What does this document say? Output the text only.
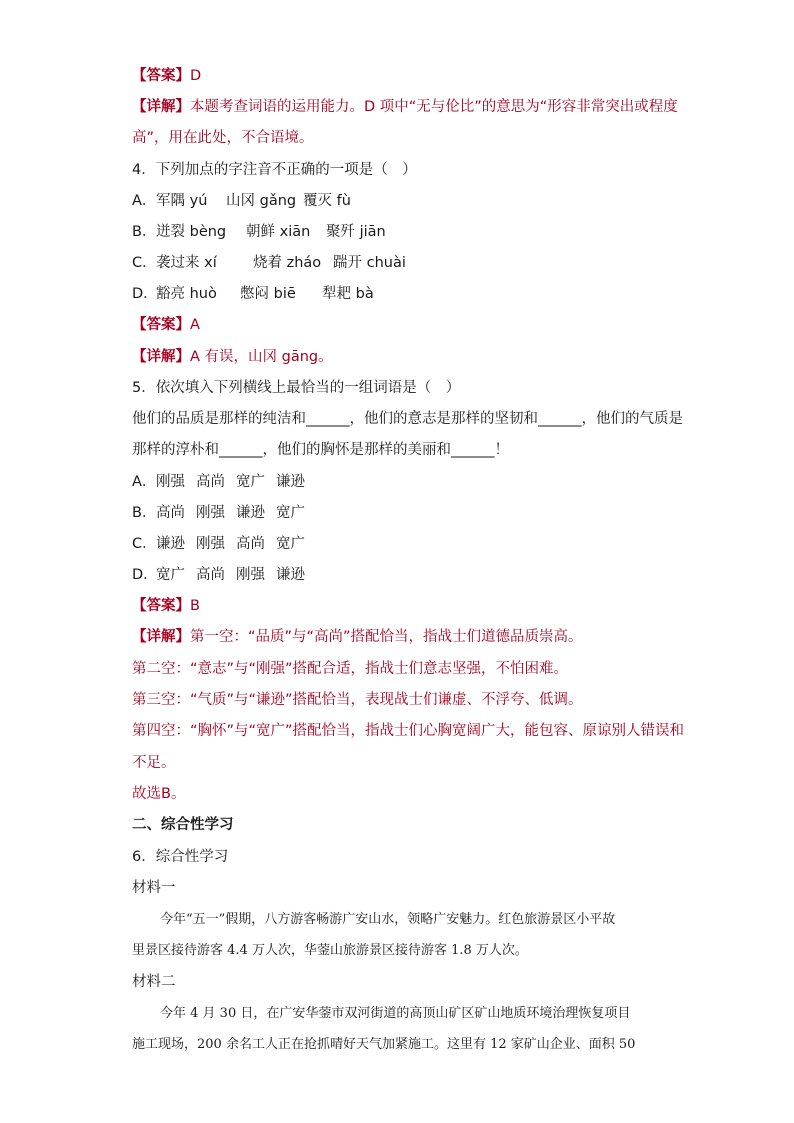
【答案】D
【详解】本题考查词语的运用能力。D 项中“无与伦比”的意思为“形容非常突出或程度
高”，用在此处，不合语境。
4．下列加点的字注音不正确的一项是（　）
A．军隅 yú 山冈 gǎng 覆灭 fù
B．迸裂 bèng 朝鲜 xiān 聚歼 jiān
C．袭过来 xí	烧着 zháo 踹开 chuài
D．豁亮 huò 憋闷 biē 犁耙 bà
【答案】A
【详解】A 有误，山冈 gāng。
5．依次填入下列横线上最恰当的一组词语是（　）
他们的品质是那样的纯洁和______，他们的意志是那样的坚韧和______，他们的气质是
那样的淳朴和______，他们的胸怀是那样的美丽和______！
A．刚强 高尚 宽广 谦逊
B．高尚 刚强 谦逊 宽广
C．谦逊 刚强 高尚 宽广
D．宽广 高尚 刚强 谦逊
【答案】B
【详解】第一空：“品质”与“高尚”搭配恰当，指战士们道德品质崇高。
第二空：“意志”与“刚强”搭配合适，指战士们意志坚强，不怕困难。
第三空：“气质”与“谦逊”搭配恰当，表现战士们谦虚、不浮夸、低调。
第四空：“胸怀”与“宽广”搭配恰当，指战士们心胸宽阔广大，能包容、原谅别人错误和
不足。
故选B。
二、综合性学习
6．综合性学习
材料一
今年“五一”假期，八方游客畅游广安山水，领略广安魅力。红色旅游景区小平故
里景区接待游客 4.4 万人次，华蓥山旅游景区接待游客 1.8 万人次。
材料二
今年 4 月 30 日，在广安华蓥市双河街道的高顶山矿区矿山地质环境治理恢复项目
施工现场，200 余名工人正在抢抓晴好天气加紧施工。这里有 12 家矿山企业、面积 50
